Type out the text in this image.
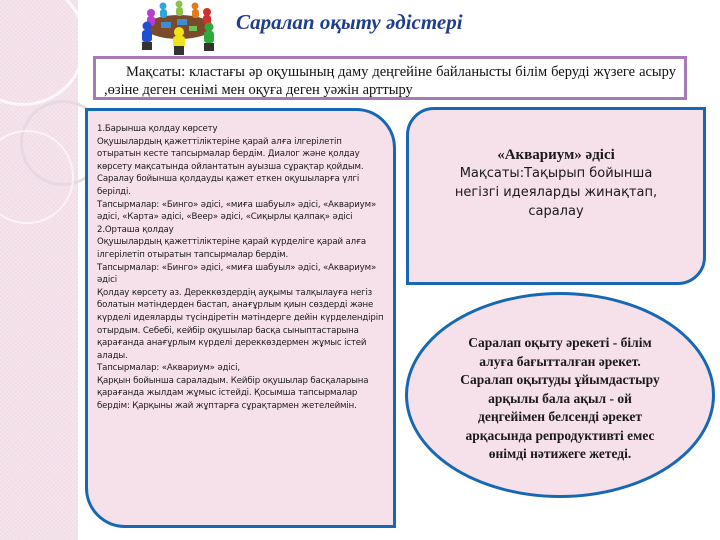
Саралап оқыту әдістері
Мақсаты: кластағы әр оқушының даму деңгейіне байланысты білім беруді жүзеге асыру ,өзіне деген сенімі мен оқуға деген уәжін арттыру

1.Барынша қолдау көрсету

Оқушылардың қажеттіліктеріне қарай алға ілгерілетіп отыратын кесте тапсырмалар бердім. Диалог және қолдау көрсету мақсатында ойлантатын ауызша сұрақтар қойдым. Саралау бойынша қолдауды қажет еткен оқушыларға үлгі берілді.

Тапсырмалар: «Бинго» әдісі, «миға шабуыл» әдісі, «Аквариум» әдісі, «Карта» әдісі, «Веер» әдісі, «Сиқырлы қалпақ» әдісі

2.Орташа қолдау

Оқушылардың қажеттіліктеріне қарай күрделіге қарай алға ілгерілетіп отыратын тапсырмалар бердім.

Тапсырмалар: «Бинго» әдісі, «миға шабуыл» әдісі, «Аквариум» әдісі

Қолдау көрсету аз. Дереккөздердің ауқымы талқылауға негіз болатын мәтіндерден бастап, анағұрлым қиын сөздерді және күрделі идеяларды түсіндіретін мәтіндерге дейін күрделендіріп отырдым. Себебі, кейбір оқушылар басқа сыныптастарына қарағанда анағұрлым күрделі дереккөздермен жұмыс істей алады.

Тапсырмалар: «Аквариум» әдісі,

Қарқын бойынша сараладым. Кейбір оқушылар басқаларына қарағанда жылдам жұмыс істейді. Қосымша тапсырмалар бердім: Қарқыны жай жұптарға сұрақтармен жетелеймін.

«Аквариум» әдісі
Мақсаты:Тақырып бойынша негізгі идеяларды жинақтап, саралау
Саралап оқыту әрекеті - білім алуға бағытталған әрекет. Саралап оқытуды ұйымдастыру арқылы бала ақыл - ой деңгейімен белсенді әрекет арқасында репродуктивті емес өнімді нәтижеге жетеді.
